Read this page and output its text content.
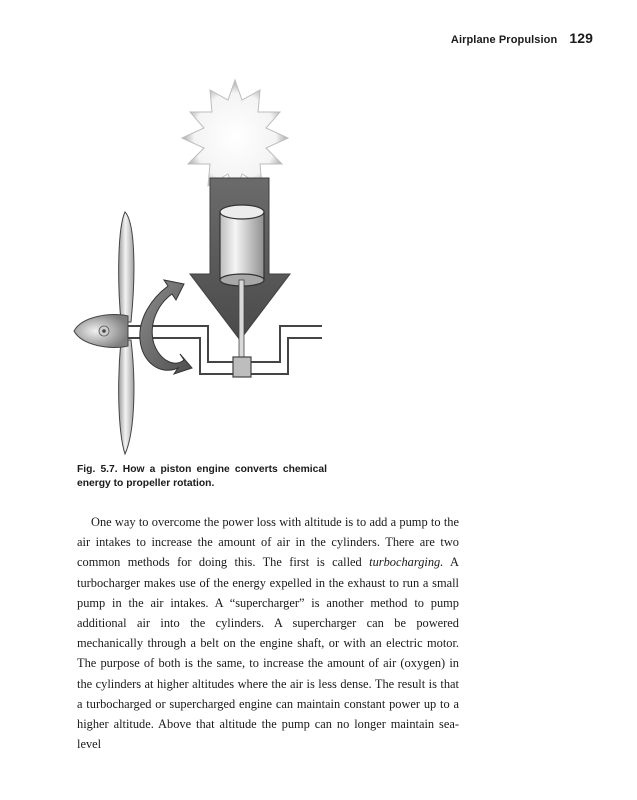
Airplane Propulsion 129
Fig. 5.7. How a piston engine converts chemical energy to propeller rotation.

One way to overcome the power loss with altitude is to add a pump to the air intakes to increase the amount of air in the cylinders. There are two common methods for doing this. The first is called turbocharging. A turbocharger makes use of the energy expelled in the exhaust to run a small pump in the air intakes. A “supercharger” is another method to pump additional air into the cylinders. A supercharger can be powered mechanically through a belt on the engine shaft, or with an electric motor. The purpose of both is the same, to increase the amount of air (oxygen) in the cylinders at higher altitudes where the air is less dense. The result is that a turbocharged or supercharged engine can maintain constant power up to a higher altitude. Above that altitude the pump can no longer maintain sea-level
